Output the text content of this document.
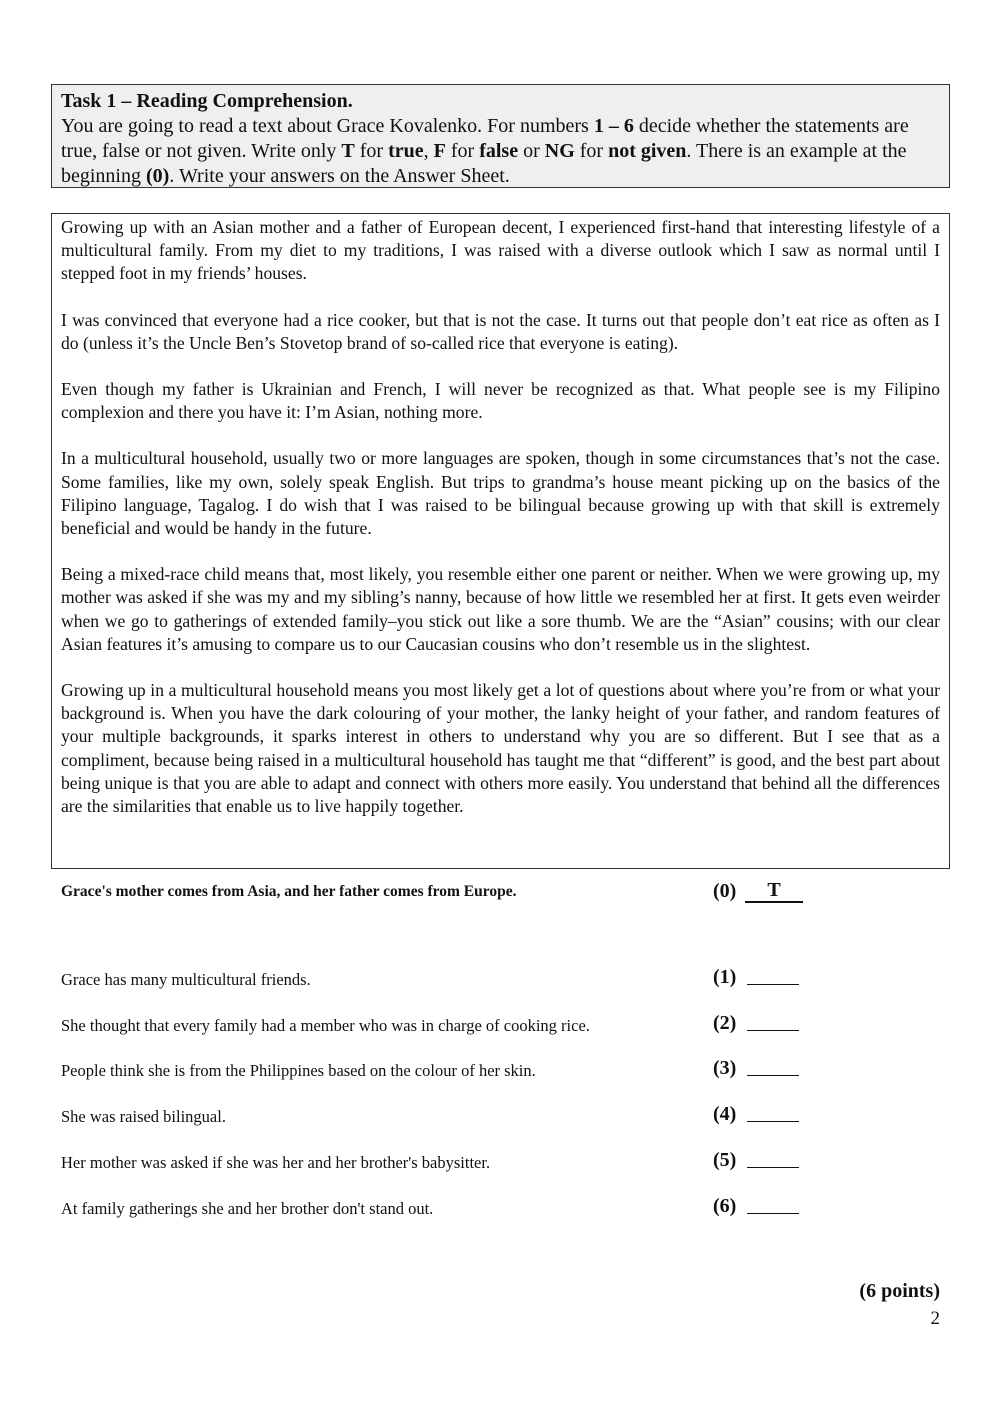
Task 1 – Reading Comprehension.
You are going to read a text about Grace Kovalenko. For numbers 1 – 6 decide whether the statements are true, false or not given. Write only T for true, F for false or NG for not given. There is an example at the beginning (0). Write your answers on the Answer Sheet.

Growing up with an Asian mother and a father of European decent, I experienced first-hand that interesting lifestyle of a multicultural family. From my diet to my traditions, I was raised with a diverse outlook which I saw as normal until I stepped foot in my friends’ houses.

I was convinced that everyone had a rice cooker, but that is not the case. It turns out that people don’t eat rice as often as I do (unless it’s the Uncle Ben’s Stovetop brand of so-called rice that everyone is eating).

Even though my father is Ukrainian and French, I will never be recognized as that. What people see is my Filipino complexion and there you have it: I’m Asian, nothing more.

In a multicultural household, usually two or more languages are spoken, though in some circumstances that’s not the case. Some families, like my own, solely speak English. But trips to grandma’s house meant picking up on the basics of the Filipino language, Tagalog. I do wish that I was raised to be bilingual because growing up with that skill is extremely beneficial and would be handy in the future.

Being a mixed-race child means that, most likely, you resemble either one parent or neither. When we were growing up, my mother was asked if she was my and my sibling’s nanny, because of how little we resembled her at first. It gets even weirder when we go to gatherings of extended family–you stick out like a sore thumb. We are the “Asian” cousins; with our clear Asian features it’s amusing to compare us to our Caucasian cousins who don’t resemble us in the slightest.

Growing up in a multicultural household means you most likely get a lot of questions about where you’re from or what your background is. When you have the dark colouring of your mother, the lanky height of your father, and random features of your multiple backgrounds, it sparks interest in others to understand why you are so different. But I see that as a compliment, because being raised in a multicultural household has taught me that “different” is good, and the best part about being unique is that you are able to adapt and connect with others more easily. You understand that behind all the differences are the similarities that enable us to live happily together.

Grace's mother comes from Asia, and her father comes from Europe.	(0)	T
Grace has many multicultural friends.	(1)
She thought that every family had a member who was in charge of cooking rice.	(2)
People think she is from the Philippines based on the colour of her skin.	(3)
She was raised bilingual.	(4)
Her mother was asked if she was her and her brother's babysitter.	(5)
At family gatherings she and her brother don't stand out.	(6)
(6 points)
2
